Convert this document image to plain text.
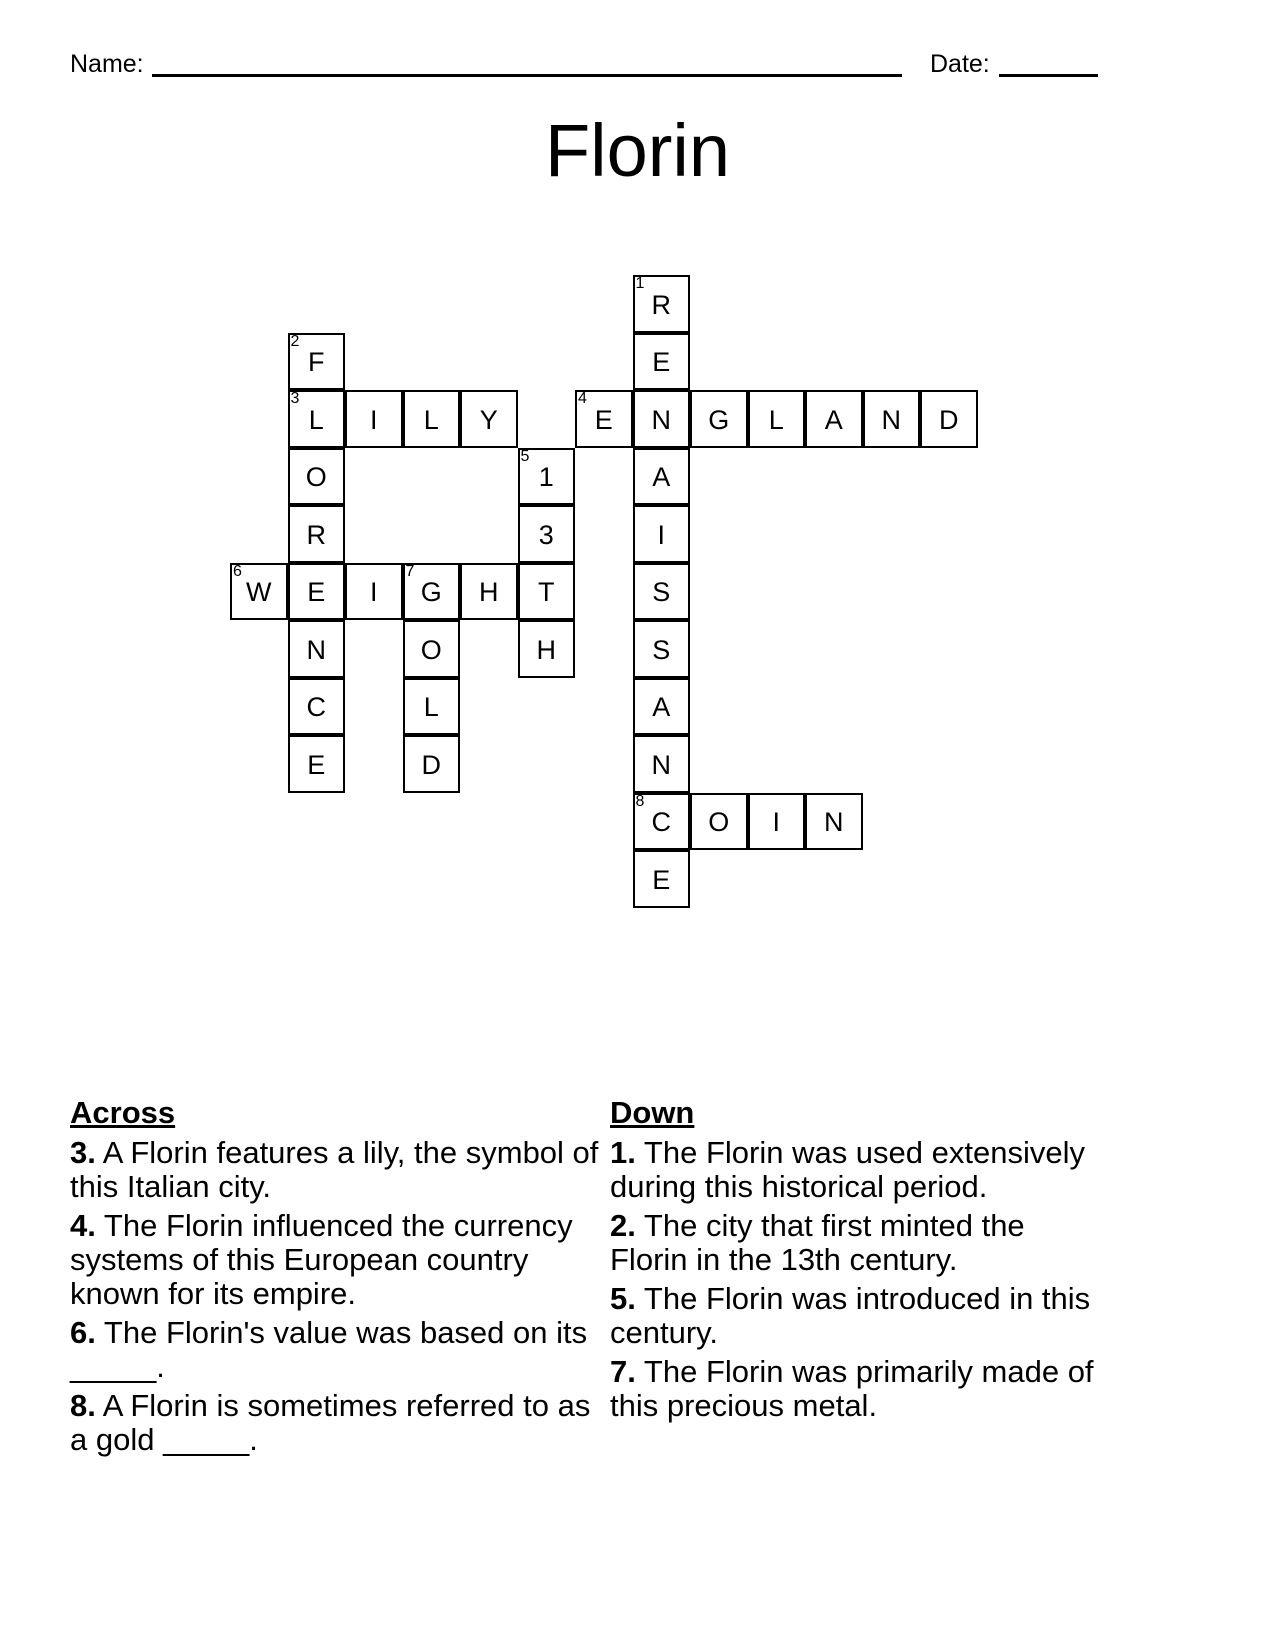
Name:	Date:
Florin
1
R
E
N
A
I
S
S
A
N
8
C
E
2
F
3
L
O
R
E
N
C
E
I	L	Y
4
E	G	L	A	N	D
5
1
3
T
H
6
W	I
7
G	H
O
L
D
O	I	N
Across
3. A Florin features a lily, the symbol of this Italian city.
4. The Florin influenced the currency systems of this European country known for its empire.
6. The Florin's value was based on its _____.
8. A Florin is sometimes referred to as a gold _____.
Down
1. The Florin was used extensively during this historical period.
2. The city that first minted the Florin in the 13th century.
5. The Florin was introduced in this century.
7. The Florin was primarily made of this precious metal.
